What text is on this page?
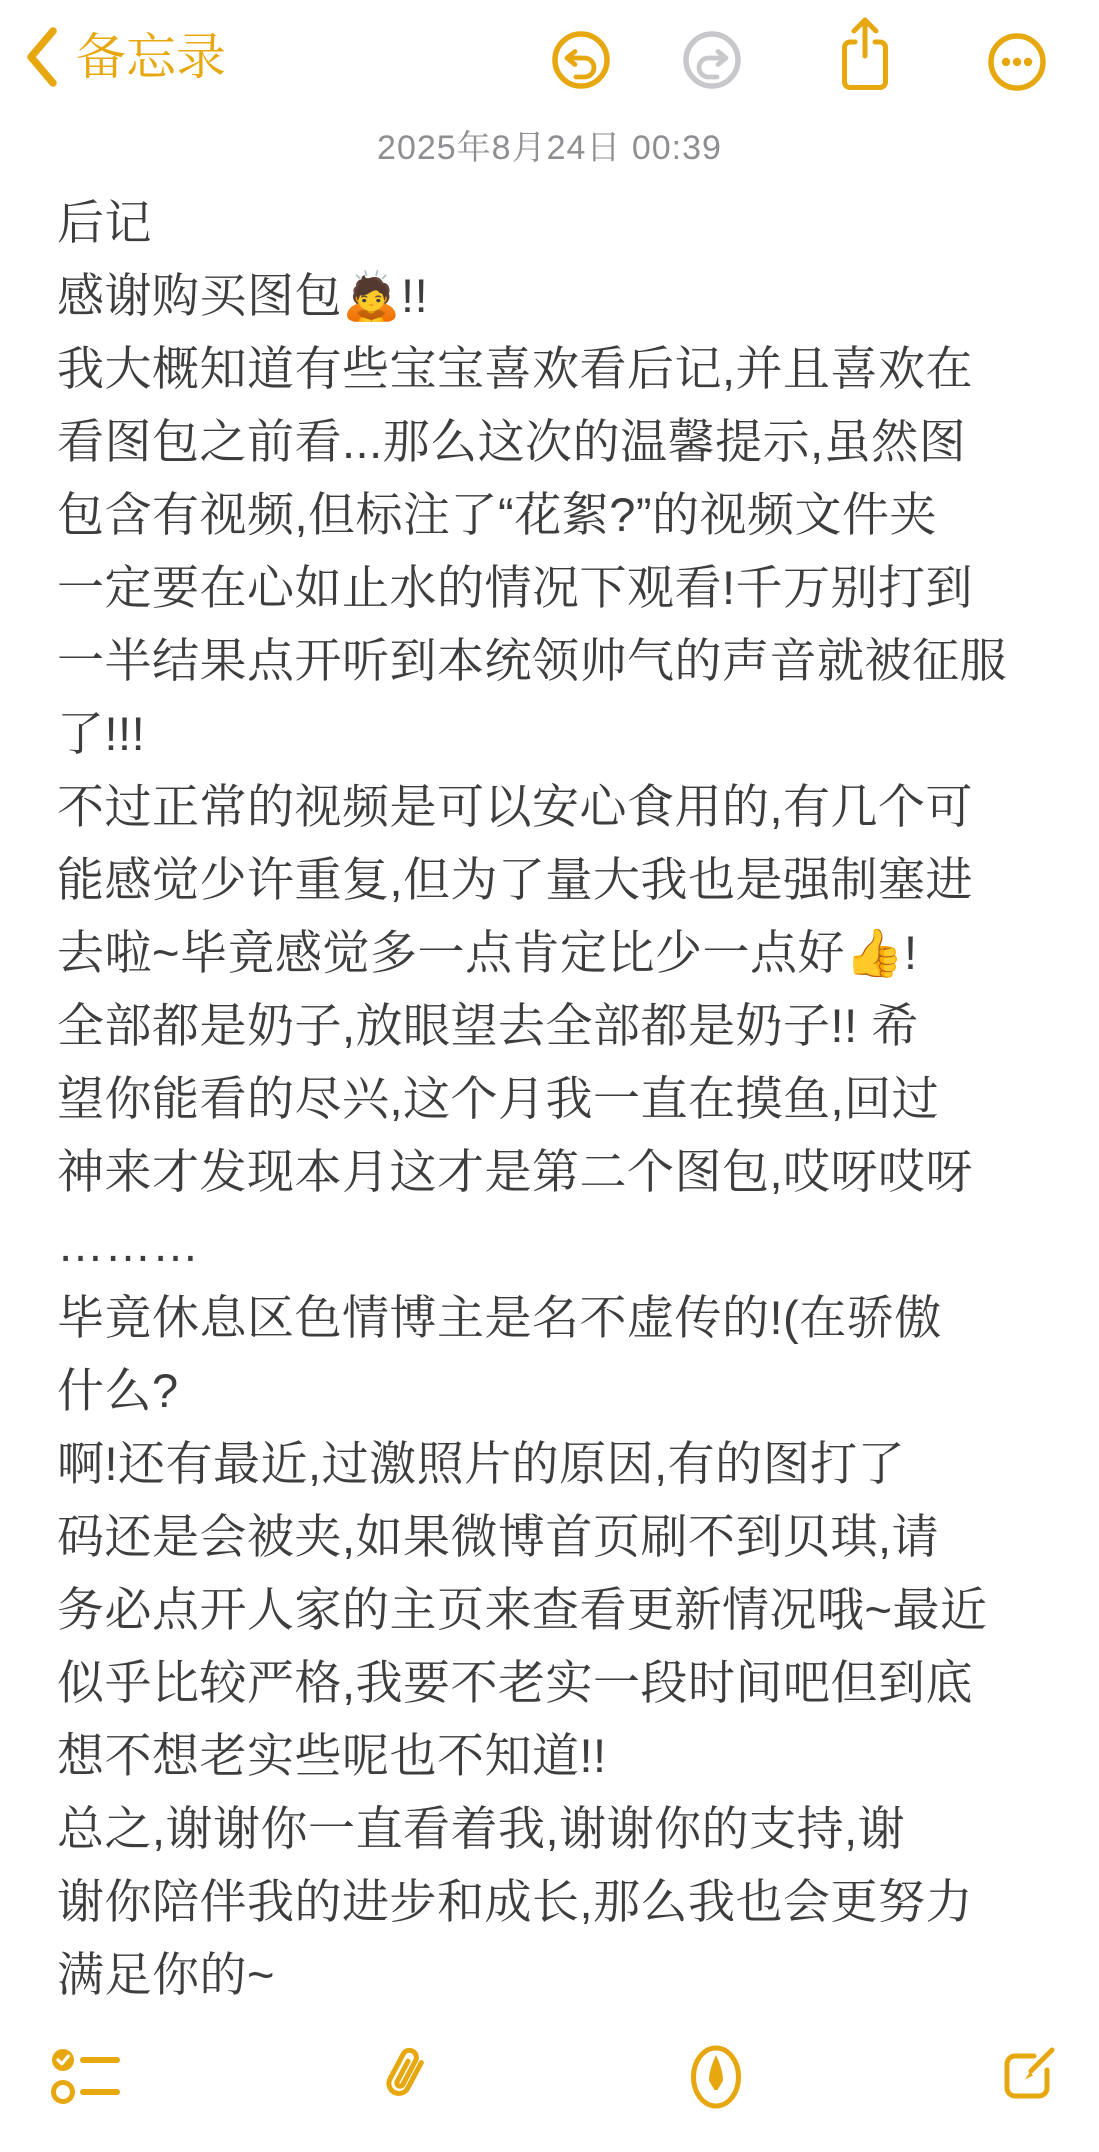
备忘录
2025年8月24日 00:39
后记
感谢购买图包🙇!!
我大概知道有些宝宝喜欢看后记,并且喜欢在
看图包之前看...那么这次的温馨提示,虽然图
包含有视频,但标注了“花絮?”的视频文件夹
一定要在心如止水的情况下观看!千万别打到
一半结果点开听到本统领帅气的声音就被征服
了!!!
不过正常的视频是可以安心食用的,有几个可
能感觉少许重复,但为了量大我也是强制塞进
去啦~毕竟感觉多一点肯定比少一点好👍!
全部都是奶子,放眼望去全部都是奶子!! 希
望你能看的尽兴,这个月我一直在摸鱼,回过
神来才发现本月这才是第二个图包,哎呀哎呀
………
毕竟休息区色情博主是名不虚传的!(在骄傲
什么?
啊!还有最近,过激照片的原因,有的图打了
码还是会被夹,如果微博首页刷不到贝琪,请
务必点开人家的主页来查看更新情况哦~最近
似乎比较严格,我要不老实一段时间吧但到底
想不想老实些呢也不知道!!
总之,谢谢你一直看着我,谢谢你的支持,谢
谢你陪伴我的进步和成长,那么我也会更努力
满足你的~
